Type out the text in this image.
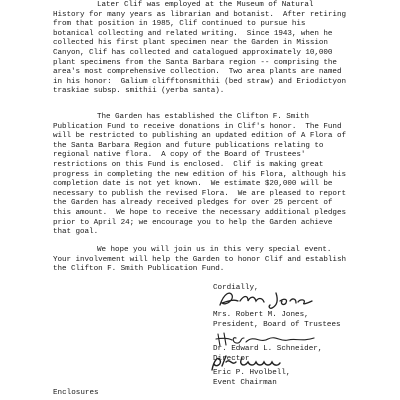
Later Clif was employed at the Museum of Natural
History for many years as librarian and botanist.  After retiring
from that position in 1985, Clif continued to pursue his
botanical collecting and related writing.  Since 1943, when he
collected his first plant specimen near the Garden in Mission
Canyon, Clif has collected and catalogued approximately 10,000
plant specimens from the Santa Barbara region -- comprising the
area's most comprehensive collection.  Two area plants are named
in his honor:  Galium clifftonsmithii (bed straw) and Eriodictyon
traskiae subsp. smithii (yerba santa).
The Garden has established the Clifton F. Smith
Publication Fund to receive donations in Clif's honor.  The Fund
will be restricted to publishing an updated edition of A Flora of
the Santa Barbara Region and future publications relating to
regional native flora.  A copy of the Board of Trustees'
restrictions on this Fund is enclosed.  Clif is making great
progress in completing the new edition of his Flora, although his
completion date is not yet known.  We estimate $20,000 will be
necessary to publish the revised Flora.  We are pleased to report
the Garden has already received pledges for over 25 percent of
this amount.  We hope to receive the necessary additional pledges
prior to April 24; we encourage you to help the Garden achieve
that goal.
We hope you will join us in this very special event.
Your involvement will help the Garden to honor Clif and establish
the Clifton F. Smith Publication Fund.
Cordially,
Mrs. Robert M. Jones,
President, Board of Trustees
Dr. Edward L. Schneider,
Director
Eric P. Hvolbell,
Event Chairman
Enclosures
